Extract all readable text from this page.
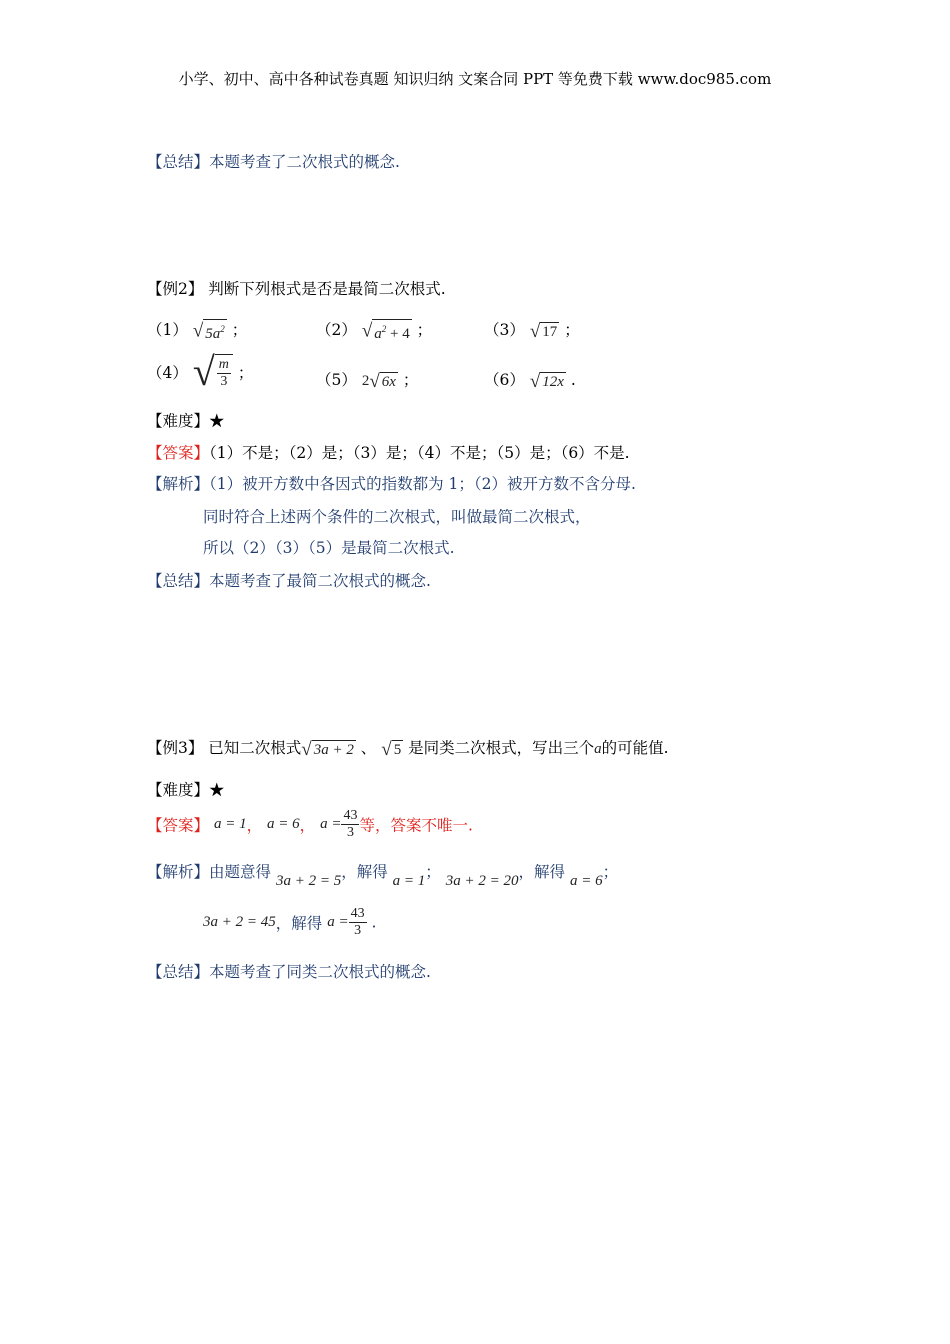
小学、初中、高中各种试卷真题 知识归纳 文案合同 PPT 等免费下载 www.doc985.com
【总结】本题考查了二次根式的概念.
【例2】 判断下列根式是否是最简二次根式.
（1） √ $5a^2$ ；	（2） √ $a^2 + 4$ ；	（3） √ 17 ；
（4） √ $\frac{m}{3}$ ；	（5） 2√ 6x ；	（6） √ 12x .
【难度】★
【答案】（1）不是；（2）是；（3）是；（4）不是；（5）是；（6）不是.
【解析】（1）被开方数中各因式的指数都为 1；（2）被开方数不含分母.
同时符合上述两个条件的二次根式，叫做最简二次根式，
所以（2）（3）（5）是最简二次根式.
【总结】本题考查了最简二次根式的概念.
【例3】 已知二次根式√ 3a + 2 、 √ 5 是同类二次根式，写出三个a的可能值.
【难度】★
【答案】 a = 1， a = 6， $a = \frac{43}{3}$ 等，答案不唯一.
【解析】由题意得 3a + 2 = 5，解得 a = 1； 3a + 2 = 20，解得 a = 6；
3a + 2 = 45，解得 $a = \frac{43}{3}$ .
【总结】本题考查了同类二次根式的概念.
